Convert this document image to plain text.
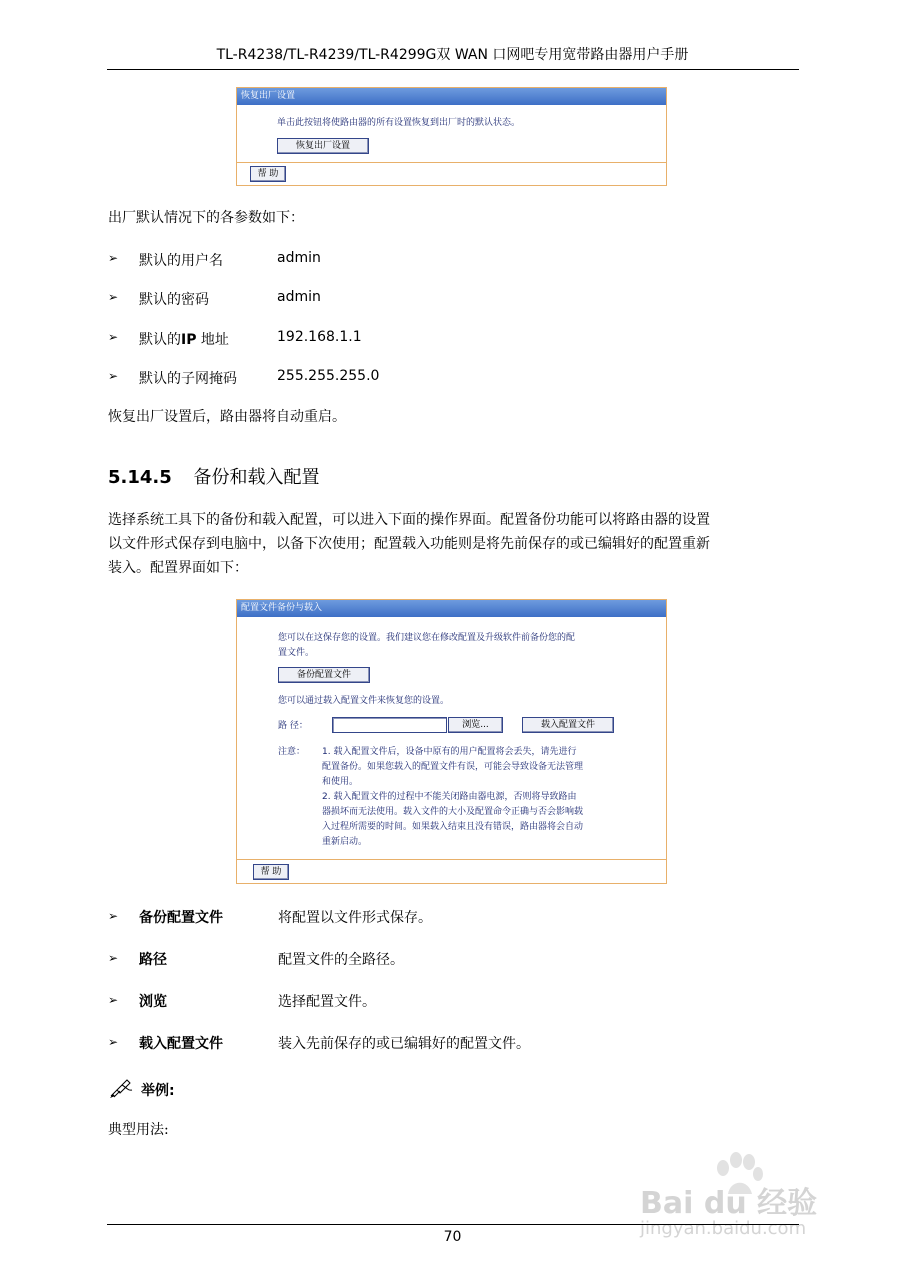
TL-R4238/TL-R4239/TL-R4299G双 WAN 口网吧专用宽带路由器用户手册
恢复出厂设置
单击此按钮将使路由器的所有设置恢复到出厂时的默认状态。
恢复出厂设置
帮 助
出厂默认情况下的各参数如下：
➢ 默认的用户名	admin
➢ 默认的密码	admin
➢ 默认的IP 地址	192.168.1.1
➢ 默认的子网掩码	255.255.255.0
恢复出厂设置后，路由器将自动重启。
5.14.5 备份和载入配置
选择系统工具下的备份和载入配置，可以进入下面的操作界面。配置备份功能可以将路由器的设置
以文件形式保存到电脑中，以备下次使用；配置载入功能则是将先前保存的或已编辑好的配置重新
装入。配置界面如下：
配置文件备份与载入
您可以在这保存您的设置。我们建议您在修改配置及升级软件前备份您的配
置文件。
备份配置文件
您可以通过载入配置文件来恢复您的设置。
路 径：	浏览...	载入配置文件
注意： 1. 载入配置文件后，设备中原有的用户配置将会丢失，请先进行
配置备份。如果您载入的配置文件有误，可能会导致设备无法管理
和使用。
2. 载入配置文件的过程中不能关闭路由器电源，否则将导致路由
器损坏而无法使用。载入文件的大小及配置命令正确与否会影响载
入过程所需要的时间。如果载入结束且没有错误，路由器将会自动
重新启动。
帮 助
➢ 备份配置文件	将配置以文件形式保存。
➢ 路径	配置文件的全路径。
➢ 浏览	选择配置文件。
➢ 载入配置文件	装入先前保存的或已编辑好的配置文件。
举例:
典型用法:
Bai du 经验
jingyan.baidu.com
70
